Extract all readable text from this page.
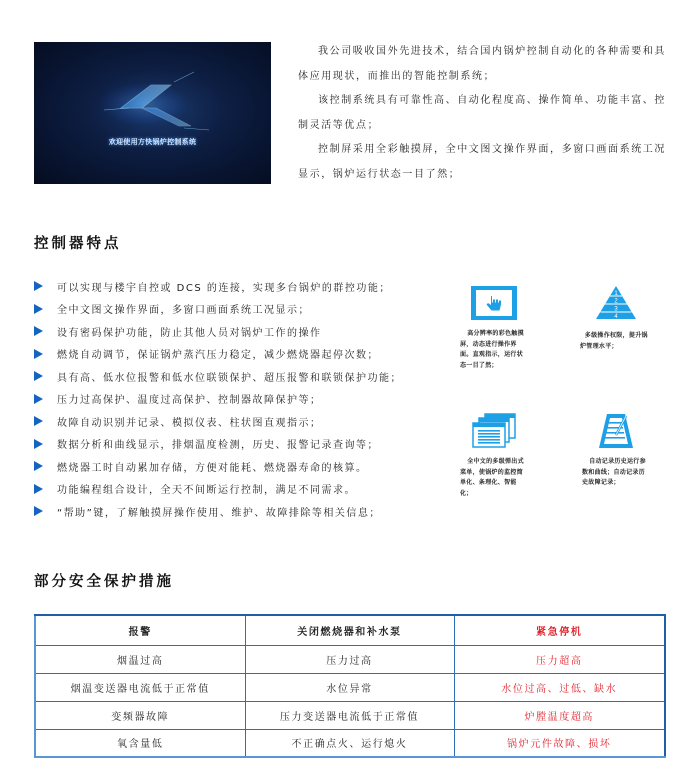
欢迎使用方快锅炉控制系统

我公司吸收国外先进技术，结合国内锅炉控制自动化的各种需要和具体应用现状，而推出的智能控制系统；

该控制系统具有可靠性高、自动化程度高、操作简单、功能丰富、控制灵活等优点；

控制屏采用全彩触摸屏，全中文图文操作界面，多窗口画面系统工况显示，锅炉运行状态一目了然；

控制器特点
可以实现与楼宇自控或 DCS 的连接，实现多台锅炉的群控功能；
全中文图文操作界面，多窗口画面系统工况显示；
设有密码保护功能，防止其他人员对锅炉工作的操作
燃烧自动调节，保证锅炉蒸汽压力稳定，减少燃烧器起停次数；
具有高、低水位报警和低水位联锁保护、超压报警和联锁保护功能；
压力过高保护、温度过高保护、控制器故障保护等；
故障自动识别并记录、模拟仪表、柱状图直观指示；
数据分析和曲线显示，排烟温度检测，历史、报警记录查询等；
燃烧器工时自动累加存储，方便对能耗、燃烧器寿命的核算。
功能编程组合设计，全天不间断运行控制，满足不同需求。
“帮助”键，了解触摸屏操作使用、维护、故障排除等相关信息；
高分辨率的彩色触摸屏，动态进行操作界面。直观指示，运行状态一目了然；
1
2
3
4
多级操作权限，提升锅炉管理水平；
全中文的多级弹出式菜单，使锅炉的监控简单化、条理化、智能化；
自动记录历史运行参数和曲线；自动记录历史故障记录；
部分安全保护措施
报警	关闭燃烧器和补水泵	紧急停机
烟温过高	压力过高	压力超高
烟温变送器电流低于正常值	水位异常	水位过高、过低、缺水
变频器故障	压力变送器电流低于正常值	炉膛温度超高
氧含量低	不正确点火、运行熄火	锅炉元件故障、损坏
